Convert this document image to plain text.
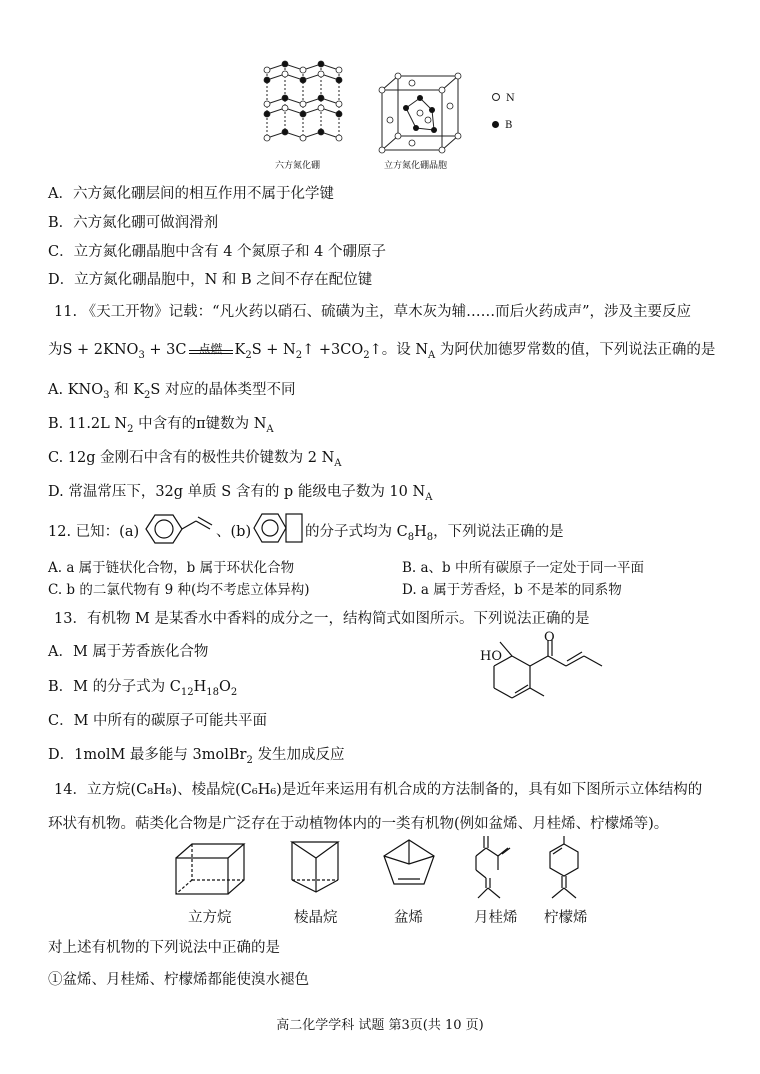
六方氮化硼	立方氮化硼晶胞
N
B
A．六方氮化硼层间的相互作用不属于化学键
B．六方氮化硼可做润滑剂
C．立方氮化硼晶胞中含有 4 个氮原子和 4 个硼原子
D．立方氮化硼晶胞中，N 和 B 之间不存在配位键
11. 《天工开物》记载：“凡火药以硝石、硫磺为主，草木灰为辅……而后火药成声”，涉及主要反应
为$S + 2KNO_3 + 3C$ 点燃 $K_2S$ + $N_2↑$ $+3CO_2↑$。设 $N_A$ 为阿伏加德罗常数的值，下列说法正确的是
A. $KNO_3$ 和 $K_2S$ 对应的晶体类型不同
B. 11.2L $N_2$ 中含有的π键数为 $N_A$
C. 12g 金刚石中含有的极性共价键数为 2 $N_A$
D. 常温常压下，32g 单质 S 含有的 p 能级电子数为 10 $N_A$
12. 已知：(a)	、(b)	的分子式均为 $C_8H_8$，下列说法正确的是
A. a 属于链状化合物，b 属于环状化合物	B. a、b 中所有碳原子一定处于同一平面
C. b 的二氯代物有 9 种(均不考虑立体异构)	D. a 属于芳香烃，b 不是苯的同系物
13．有机物 M 是某香水中香料的成分之一，结构简式如图所示。下列说法正确的是
A．M 属于芳香族化合物
B．M 的分子式为 $C_{12}H_{18}O_2$
C．M 中所有的碳原子可能共平面
D．1molM 最多能与 3molBr$_2$ 发生加成反应
HO
O
14．立方烷(C₈H₈)、棱晶烷(C₆H₆)是近年来运用有机合成的方法制备的，具有如下图所示立体结构的
环状有机物。萜类化合物是广泛存在于动植物体内的一类有机物(例如盆烯、月桂烯、柠檬烯等)。
立方烷	棱晶烷	盆烯	月桂烯 柠檬烯
对上述有机物的下列说法中正确的是
①盆烯、月桂烯、柠檬烯都能使溴水褪色
高二化学学科 试题 第3页(共 10 页)
